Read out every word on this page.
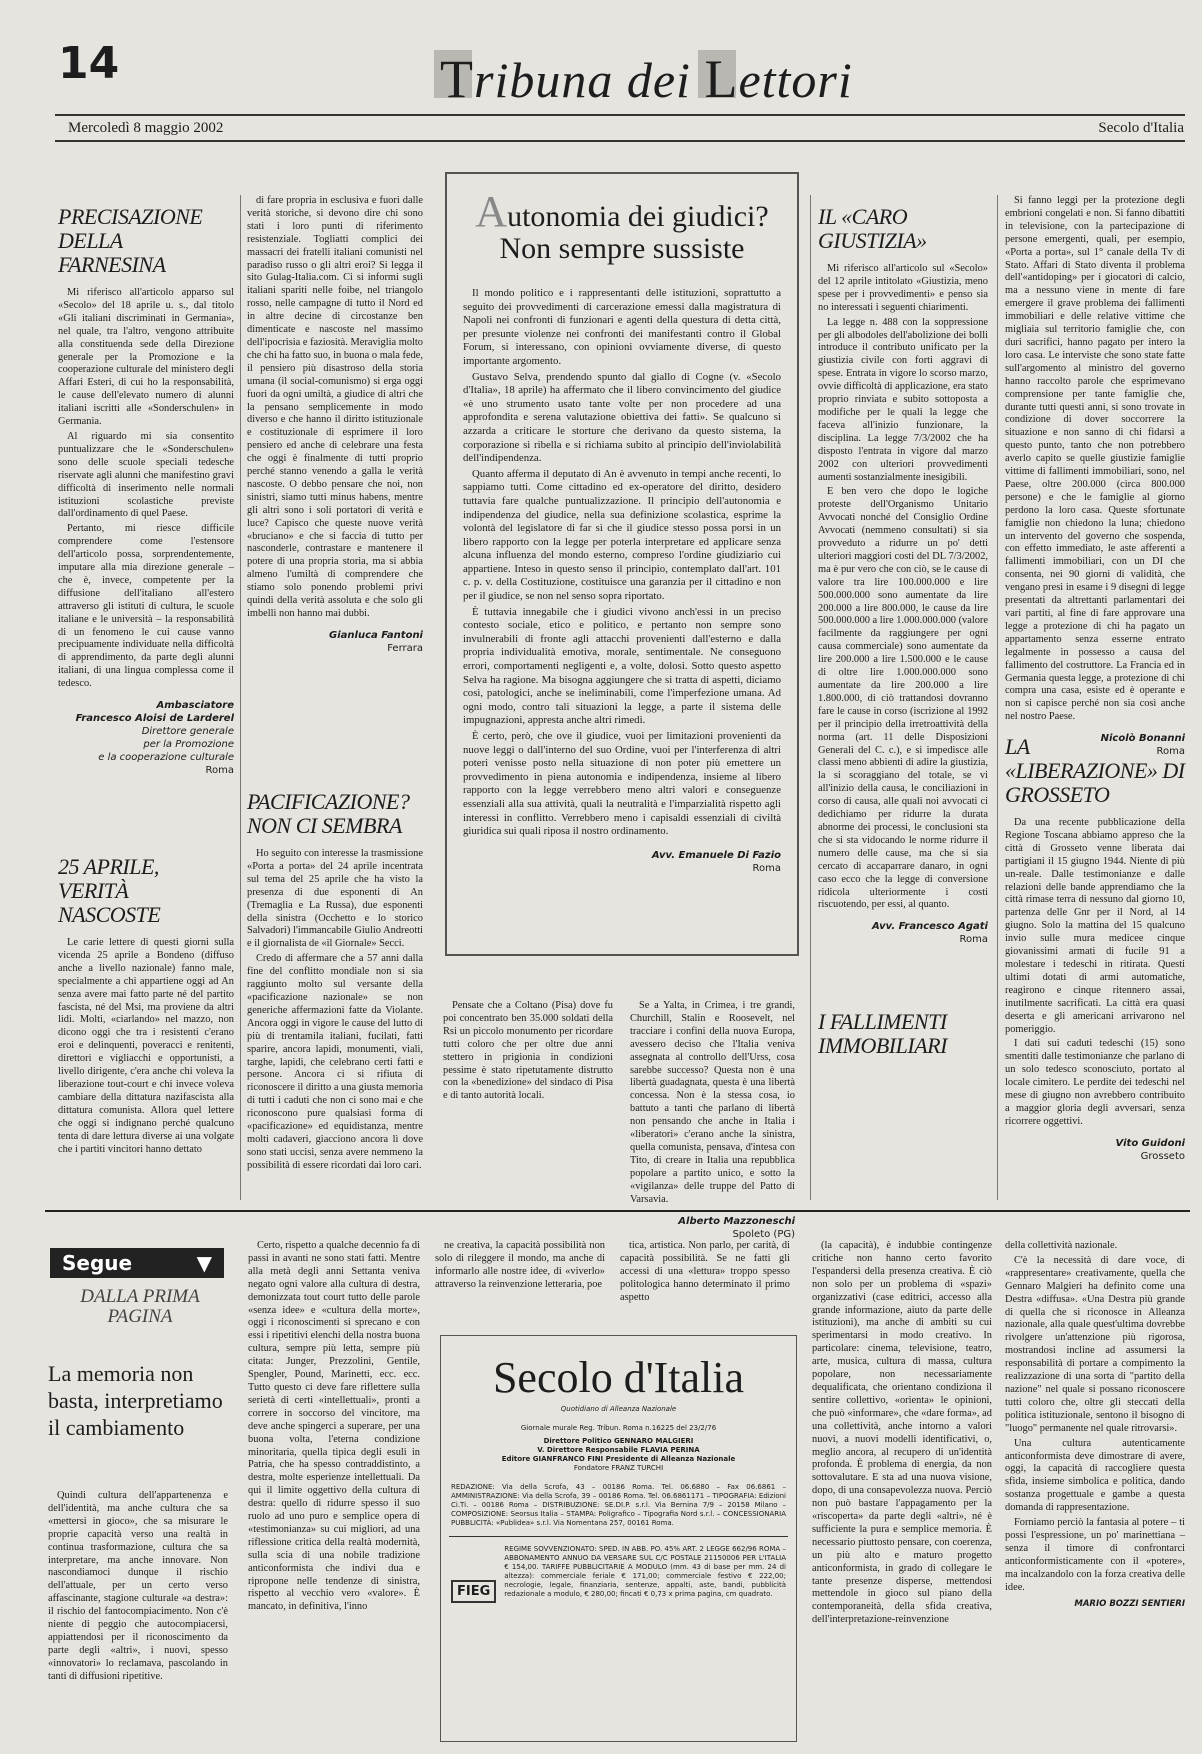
14	Tribuna dei Lettori
Mercoledì 8 maggio 2002	Secolo d'Italia
PRECISAZIONE DELLA FARNESINA

Mi riferisco all'articolo apparso sul «Secolo» del 18 aprile u. s., dal titolo «Gli italiani discriminati in Germania», nel quale, tra l'altro, vengono attribuite alla constituenda sede della Direzione generale per la Promozione e la cooperazione culturale del ministero degli Affari Esteri, di cui ho la responsabilità, le cause dell'elevato numero di alunni italiani iscritti alle «Sonderschulen» in Germania.

Al riguardo mi sia consentito puntualizzare che le «Sonderschulen» sono delle scuole speciali tedesche riservate agli alunni che manifestino gravi difficoltà di inserimento nelle normali istituzioni scolastiche previste dall'ordinamento di quel Paese.

Pertanto, mi riesce difficile comprendere come l'estensore dell'articolo possa, sorprendentemente, imputare alla mia direzione generale – che è, invece, competente per la diffusione dell'italiano all'estero attraverso gli istituti di cultura, le scuole italiane e le università – la responsabilità di un fenomeno le cui cause vanno precipuamente individuate nella difficoltà di apprendimento, da parte degli alunni italiani, di una lingua complessa come il tedesco.

Ambasciatore
Francesco Aloisi de Larderel
Direttore generale
per la Promozione
e la cooperazione culturale
Roma
25 APRILE, VERITÀ NASCOSTE

Le carie lettere di questi giorni sulla vicenda 25 aprile a Bondeno (diffuso anche a livello nazionale) fanno male, specialmente a chi appartiene oggi ad An senza avere mai fatto parte né del partito fascista, né del Msi, ma proviene da altri lidi. Molti, «ciarlando» nel mazzo, non dicono oggi che tra i resistenti c'erano eroi e delinquenti, poveracci e renitenti, direttori e vigliacchi e opportunisti, a livello dirigente, c'era anche chi voleva la liberazione tout-court e chi invece voleva cambiare della dittatura nazifascista alla dittatura comunista. Allora quel lettere che oggi si indignano perché qualcuno tenta di dare lettura diverse ai una volgate che i partiti vincitori hanno dettato

di fare propria in esclusiva e fuori dalle verità storiche, si devono dire chi sono stati i loro punti di riferimento resistenziale. Togliatti complici dei massacri dei fratelli italiani comunisti nel paradiso russo o gli altri eroi? Si legga il sito Gulag-Italia.com. Ci si informi sugli italiani spariti nelle foibe, nel triangolo rosso, nelle campagne di tutto il Nord ed in altre decine di circostanze ben dimenticate e nascoste nel massimo dell'ipocrisia e faziosità. Meraviglia molto che chi ha fatto suo, in buona o mala fede, il pensiero più disastroso della storia umana (il social-comunismo) si erga oggi fuori da ogni umiltà, a giudice di altri che la pensano semplicemente in modo diverso e che hanno il diritto istituzionale e costituzionale di esprimere il loro pensiero ed anche di celebrare una festa che oggi è finalmente di tutti proprio perché stanno venendo a galla le verità nascoste. O debbo pensare che noi, non sinistri, siamo tutti minus habens, mentre gli altri sono i soli portatori di verità e luce? Capisco che queste nuove verità «bruciano» e che si faccia di tutto per nasconderle, contrastare e mantenere il potere di una propria storia, ma si abbia almeno l'umiltà di comprendere che stiamo solo ponendo problemi privi quindi della verità assoluta e che solo gli imbelli non hanno mai dubbi.

Gianluca Fantoni
Ferrara
PACIFICAZIONE? NON CI SEMBRA

Ho seguito con interesse la trasmissione «Porta a porta» del 24 aprile incentrata sul tema del 25 aprile che ha visto la presenza di due esponenti di An (Tremaglia e La Russa), due esponenti della sinistra (Occhetto e lo storico Salvadori) l'immancabile Giulio Andreotti e il giornalista de «il Giornale» Secci.

Credo di affermare che a 57 anni dalla fine del conflitto mondiale non si sia raggiunto molto sul versante della «pacificazione nazionale» se non generiche affermazioni fatte da Violante. Ancora oggi in vigore le cause del lutto di più di trentamila italiani, fucilati, fatti sparire, ancora lapidi, monumenti, viali, targhe, lapidi, che celebrano certi fatti e persone. Ancora ci si rifiuta di riconoscere il diritto a una giusta memoria di tutti i caduti che non ci sono mai e che riconoscono pure qualsiasi forma di «pacificazione» ed equidistanza, mentre molti cadaveri, giacciono ancora lì dove sono stati uccisi, senza avere nemmeno la possibilità di essere ricordati dai loro cari.

Autonomia dei giudici?
Non sempre sussiste

Il mondo politico e i rappresentanti delle istituzioni, soprattutto a seguito dei provvedimenti di carcerazione emessi dalla magistratura di Napoli nei confronti di funzionari e agenti della questura di detta città, per presunte violenze nei confronti dei manifestanti contro il Global Forum, si interessano, con opinioni ovviamente diverse, di questo importante argomento.

Gustavo Selva, prendendo spunto dal giallo di Cogne (v. «Secolo d'Italia», 18 aprile) ha affermato che il libero convincimento del giudice «è uno strumento usato tante volte per non procedere ad una approfondita e serena valutazione obiettiva dei fatti». Se qualcuno si azzarda a criticare le storture che derivano da questo sistema, la corporazione si ribella e si richiama subito al principio dell'inviolabilità dell'indipendenza.

Quanto afferma il deputato di An è avvenuto in tempi anche recenti, lo sappiamo tutti. Come cittadino ed ex-operatore del diritto, desidero tuttavia fare qualche puntualizzazione. Il principio dell'autonomia e indipendenza del giudice, nella sua definizione scolastica, esprime la volontà del legislatore di far sì che il giudice stesso possa porsi in un libero rapporto con la legge per poterla interpretare ed applicare senza alcuna influenza del mondo esterno, compreso l'ordine giudiziario cui appartiene. Inteso in questo senso il principio, contemplato dall'art. 101 c. p. v. della Costituzione, costituisce una garanzia per il cittadino e non per il giudice, se non nel senso sopra riportato.

È tuttavia innegabile che i giudici vivono anch'essi in un preciso contesto sociale, etico e politico, e pertanto non sempre sono invulnerabili di fronte agli attacchi provenienti dall'esterno e dalla propria individualità emotiva, morale, sentimentale. Ne conseguono errori, comportamenti negligenti e, a volte, dolosi. Sotto questo aspetto Selva ha ragione. Ma bisogna aggiungere che si tratta di aspetti, diciamo così, patologici, anche se ineliminabili, come l'imperfezione umana. Ad ogni modo, contro tali situazioni la legge, a parte il sistema delle impugnazioni, appresta anche altri rimedi.

È certo, però, che ove il giudice, vuoi per limitazioni provenienti da nuove leggi o dall'interno del suo Ordine, vuoi per l'interferenza di altri poteri venisse posto nella situazione di non poter più emettere un provvedimento in piena autonomia e indipendenza, insieme al libero rapporto con la legge verrebbero meno altri valori e conseguenze essenziali alla sua attività, quali la neutralità e l'imparzialità rispetto agli interessi in conflitto. Verrebbero meno i capisaldi essenziali di civiltà giuridica sui quali riposa il nostro ordinamento.

Avv. Emanuele Di Fazio
Roma

Pensate che a Coltano (Pisa) dove fu poi concentrato ben 35.000 soldati della Rsi un piccolo monumento per ricordare tutti coloro che per oltre due anni stettero in prigionia in condizioni pessime è stato ripetutamente distrutto con la «benedizione» del sindaco di Pisa e di tanto autorità locali.

Se a Yalta, in Crimea, i tre grandi, Churchill, Stalin e Roosevelt, nel tracciare i confini della nuova Europa, avessero deciso che l'Italia veniva assegnata al controllo dell'Urss, cosa sarebbe successo? Questa non è una libertà guadagnata, questa è una libertà concessa. Non è la stessa cosa, io battuto a tanti che parlano di libertà non pensando che anche in Italia i «liberatori» c'erano anche la sinistra, quella comunista, pensava, d'intesa con Tito, di creare in Italia una repubblica popolare a partito unico, e sotto la «vigilanza» delle truppe del Patto di Varsavia.

Alberto Mazzoneschi
Spoleto (PG)
IL «CARO GIUSTIZIA»

Mi riferisco all'articolo sul «Secolo» del 12 aprile intitolato «Giustizia, meno spese per i provvedimenti» e penso sia no interessati i seguenti chiarimenti.

La legge n. 488 con la soppressione per gli albodoles dell'abolizione dei bolli introduce il contributo unificato per la giustizia civile con forti aggravi di spese. Entrata in vigore lo scorso marzo, ovvie difficoltà di applicazione, era stato proprio rinviata e subito sottoposta a modifiche per le quali la legge che faceva all'inizio funzionare, la disciplina. La legge 7/3/2002 che ha disposto l'entrata in vigore dal marzo 2002 con ulteriori provvedimenti aumenti sostanzialmente inesigibili.

E ben vero che dopo le logiche proteste dell'Organismo Unitario Avvocati nonché del Consiglio Ordine Avvocati (nemmeno consultati) si sia provveduto a ridurre un po' detti ulteriori maggiori costi del DL 7/3/2002, ma è pur vero che con ciò, se le cause di valore tra lire 100.000.000 e lire 500.000.000 sono aumentate da lire 200.000 a lire 800.000, le cause da lire 500.000.000 a lire 1.000.000.000 (valore facilmente da raggiungere per ogni causa commerciale) sono aumentate da lire 200.000 a lire 1.500.000 e le cause di oltre lire 1.000.000.000 sono aumentate da lire 200.000 a lire 1.800.000, di ciò trattandosi dovranno fare le cause in corso (iscrizione al 1992 per il principio della irretroattività della norma (art. 11 delle Disposizioni Generali del C. c.), e si impedisce alle classi meno abbienti di adire la giustizia, la si scoraggiano del totale, se vi all'inizio della causa, le conciliazioni in corso di causa, alle quali noi avvocati ci dedichiamo per ridurre la durata abnorme dei processi, le conclusioni sta che si sta vidocando le norme ridurre il numero delle cause, ma che si sia cercato di accaparrare danaro, in ogni caso ecco che la legge di conversione ridicola ulteriormente i costi riscuotendo, per essi, al quanto.

Avv. Francesco Agati
Roma
I FALLIMENTI IMMOBILIARI

Si fanno leggi per la protezione degli embrioni congelati e non. Si fanno dibattiti in televisione, con la partecipazione di persone emergenti, quali, per esempio, «Porta a porta», sul 1° canale della Tv di Stato. Affari di Stato diventa il problema dell'«antidoping» per i giocatori di calcio, ma a nessuno viene in mente di fare emergere il grave problema dei fallimenti immobiliari e delle relative vittime che migliaia sul territorio famiglie che, con duri sacrifici, hanno pagato per intero la loro casa. Le interviste che sono state fatte sull'argomento al ministro del governo hanno raccolto parole che esprimevano comprensione per tante famiglie che, durante tutti questi anni, si sono trovate in condizione di dover soccorrere la situazione e non sanno di chi fidarsi a questo punto, tanto che non potrebbero averlo capito se quelle giustizie famiglie vittime di fallimenti immobiliari, sono, nel Paese, oltre 200.000 (circa 800.000 persone) e che le famiglie al giorno perdono la loro casa. Queste sfortunate famiglie non chiedono la luna; chiedono un intervento del governo che sospenda, con effetto immediato, le aste afferenti a fallimenti immobiliari, con un DI che consenta, nei 90 giorni di validità, che vengano presi in esame i 9 disegni di legge presentati da altrettanti parlamentari dei vari partiti, al fine di fare approvare una legge a protezione di chi ha pagato un appartamento senza esserne entrato legalmente in possesso a causa del fallimento del costruttore. La Francia ed in Germania questa legge, a protezione di chi compra una casa, esiste ed è operante e non si capisce perché non sia così anche nel nostro Paese.

Nicolò Bonanni
Roma
LA «LIBERAZIONE» DI GROSSETO

Da una recente pubblicazione della Regione Toscana abbiamo appreso che la città di Grosseto venne liberata dai partigiani il 15 giugno 1944. Niente di più un-reale. Dalle testimonianze e dalle relazioni delle bande apprendiamo che la città rimase terra di nessuno dal giorno 10, partenza delle Gnr per il Nord, al 14 giugno. Solo la mattina del 15 qualcuno invio sulle mura medicee cinque giovanissimi armati di fucile 91 a molestare i tedeschi in ritirata. Questi ultimi dotati di armi automatiche, reagirono e cinque ritennero assai, inutilmente sacrificati. La città era quasi deserta e gli americani arrivarono nel pomeriggio.

I dati sui caduti tedeschi (15) sono smentiti dalle testimonianze che parlano di un solo tedesco sconosciuto, portato al locale cimitero. Le perdite dei tedeschi nel mese di giugno non avrebbero contribuito a maggior gloria degli avversari, senza ricorrere oggettivi.

Vito Guidoni
Grosseto
Segue	▼
DALLA PRIMA PAGINA
La memoria non basta, interpretiamo il cambiamento

Quindi cultura dell'appartenenza e dell'identità, ma anche cultura che sa «mettersi in gioco», che sa misurare le proprie capacità verso una realtà in continua trasformazione, cultura che sa interpretare, ma anche innovare. Non nascondiamoci dunque il rischio dell'attuale, per un certo verso affascinante, stagione culturale «a destra»: il rischio del fantocompiacimento. Non c'è niente di peggio che autocompiacersi, appiattendosi per il riconoscimento da parte degli «altri», i nuovi, spesso «innovatori» lo reclamava, pascolando in tanti di diffusioni ripetitive.

Certo, rispetto a qualche decennio fa di passi in avanti ne sono stati fatti. Mentre alla metà degli anni Settanta veniva negato ogni valore alla cultura di destra, demonizzata tout court tutto delle parole «senza idee» e «cultura della morte», oggi i riconoscimenti si sprecano e con essi i ripetitivi elenchi della nostra buona cultura, sempre più letta, sempre più citata: Junger, Prezzolini, Gentile, Spengler, Pound, Marinetti, ecc. ecc. Tutto questo ci deve fare riflettere sulla serietà di certi «intellettuali», pronti a correre in soccorso del vincitore, ma deve anche spingerci a superare, per una buona volta, l'eterna condizione minoritaria, quella tipica degli esuli in Patria, che ha spesso contraddistinto, a destra, molte esperienze intellettuali. Da qui il limite oggettivo della cultura di destra: quello di ridurre spesso il suo ruolo ad uno puro e semplice opera di «testimonianza» su cui migliori, ad una riflessione critica della realtà modernità, sulla scia di una nobile tradizione anticonformista che indivi dua e ripropone nelle tendenze di sinistra, rispetto al vecchio vero «valore». È mancato, in definitiva, l'inno

ne creativa, la capacità possibilità non solo di rileggere il mondo, ma anche di informarlo alle nostre idee, di «viverlo» attraverso la reinvenzione letteraria, poe

tica, artistica. Non parlo, per carità, di capacità possibilità. Se ne fatti gli accessi di una «lettura» troppo spesso politologica hanno determinato il primo aspetto

Secolo d'Italia
Quotidiano di Alleanza Nazionale
Giornale murale Reg. Tribun. Roma n.16225 del 23/2/76
Direttore Politico GENNARO MALGIERI
V. Direttore Responsabile FLAVIA PERINA
Editore GIANFRANCO FINI Presidente di Alleanza Nazionale
Fondatore FRANZ TURCHI
REDAZIONE: Via della Scrofa, 43 – 00186 Roma. Tel. 06.6880 – Fax 06.6861 – AMMINISTRAZIONE: Via della Scrofa, 39 – 00186 Roma. Tel. 06.6861171 – TIPOGRAFIA: Edizioni Ci.Ti. – 00186 Roma – DISTRIBUZIONE: SE.DI.P. s.r.l. Via Bernina 7/9 – 20158 Milano – COMPOSIZIONE: Seorsus Italia – STAMPA: Poligrafico – Tipografia Nord s.r.l. – CONCESSIONARIA PUBBLICITÀ: «Publidea» s.r.l. Via Nomentana 257, 00161 Roma.
FIEG
REGIME SOVVENZIONATO: SPED. IN ABB. PO. 45% ART. 2 LEGGE 662/96 ROMA – ABBONAMENTO ANNUO DA VERSARE SUL C/C POSTALE 21150006 PER L'ITALIA € 154,00. TARIFFE PUBBLICITARIE A MODULO (mm. 43 di base per mm. 24 di altezza): commerciale feriale € 171,00; commerciale festivo € 222,00; necrologie, legale, finanziaria, sentenze, appalti, aste, bandi, pubblicità redazionale a modulo, € 280,00; fincati € 0,73 x prima pagina, cm quadrato.

(la capacità), è indubbie contingenze critiche non hanno certo favorito l'espandersi della presenza creativa. È ciò non solo per un problema di «spazi» organizzativi (case editrici, accesso alla grande informazione, aiuto da parte delle istituzioni), ma anche di ambiti su cui sperimentarsi in modo creativo. In particolare: cinema, televisione, teatro, arte, musica, cultura di massa, cultura popolare, non necessariamente dequalificata, che orientano condiziona il sentire collettivo, «orienta» le opinioni, che può «informare», che «dare forma», ad una collettività, anche intorno a valori nuovi, a nuovi modelli identificativi, o, meglio ancora, al recupero di un'identità profonda. È problema di energia, da non sottovalutare. E sta ad una nuova visione, dopo, di una consapevolezza nuova. Perciò non può bastare l'appagamento per la «riscoperta» da parte degli «altri», né è sufficiente la pura e semplice memoria. È necessario piuttosto pensare, con coerenza, un più alto e maturo progetto anticonformista, in grado di collegare le tante presenze disperse, mettendosi mettendole in gioco sul piano della contemporaneità, della sfida creativa, dell'interpretazione-reinvenzione

della collettività nazionale.

C'è la necessità di dare voce, di «rappresentare» creativamente, quella che Gennaro Malgieri ha definito come una Destra «diffusa». «Una Destra più grande di quella che si riconosce in Alleanza nazionale, alla quale quest'ultima dovrebbe rivolgere un'attenzione più rigorosa, mostrandosi incline ad assumersi la responsabilità di portare a compimento la realizzazione di una sorta di "partito della nazione" nel quale si possano riconoscere tutti coloro che, oltre gli steccati della politica istituzionale, sentono il bisogno di "luogo" permanente nel quale ritrovarsi».

Una cultura autenticamente anticonformista deve dimostrare di avere, oggi, la capacità di raccogliere questa sfida, insieme simbolica e politica, dando sostanza progettuale e gambe a questa domanda di rappresentazione.

Forniamo perciò la fantasia al potere – ti possi l'espressione, un po' marinettiana – senza il timore di confrontarci anticonformisticamente con il «potere», ma incalzandolo con la forza creativa delle idee.

MARIO BOZZI SENTIERI
